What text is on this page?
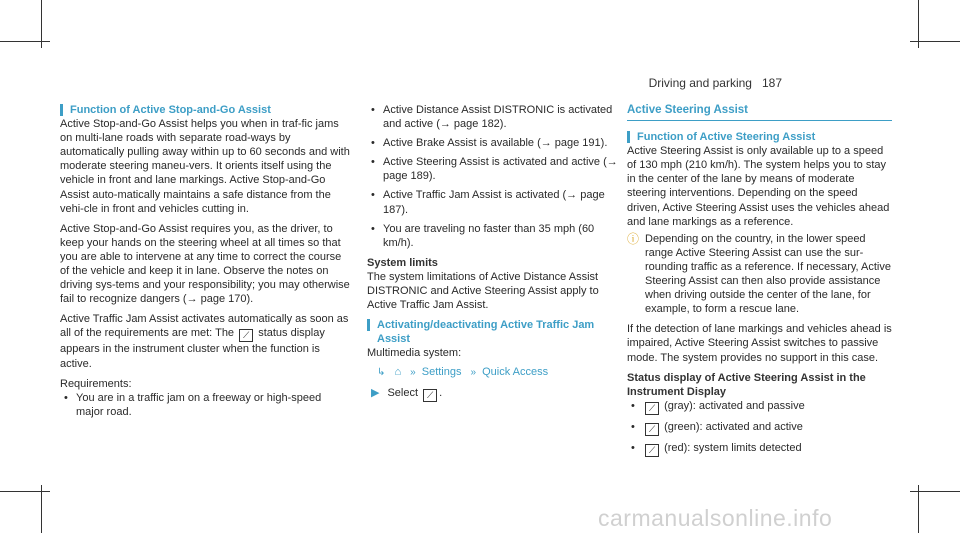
Driving and parking 187
Function of Active Stop-and-Go Assist

Active Stop-and-Go Assist helps you when in traf-fic jams on multi-lane roads with separate road-ways by automatically pulling away within up to 60 seconds and with moderate steering maneu-vers. It orients itself using the vehicle in front and lane markings. Active Stop-and-Go Assist auto-matically maintains a safe distance from the vehi-cle in front and vehicles cutting in.

Active Stop-and-Go Assist requires you, as the driver, to keep your hands on the steering wheel at all times so that you are able to intervene at any time to correct the course of the vehicle and keep it in lane. Observe the notes on driving sys-tems and your responsibility; you may otherwise fail to recognize dangers (→ page 170).

Active Traffic Jam Assist activates automatically as soon as all of the requirements are met: The ⟋ status display appears in the instrument cluster when the function is active.

Requirements:

• You are in a traffic jam on a freeway or high-speed major road.
• Active Distance Assist DISTRONIC is activated and active (→ page 182).
• Active Brake Assist is available (→ page 191).
• Active Steering Assist is activated and active (→ page 189).
• Active Traffic Jam Assist is activated (→ page 187).
• You are traveling no faster than 35 mph (60 km/h).

System limits

The system limitations of Active Distance Assist DISTRONIC and Active Steering Assist apply to Active Traffic Jam Assist.

Activating/deactivating Active Traffic Jam Assist

Multimedia system:

↳ ⌂ » Settings » Quick Access

▶ Select ⟋ .

Active Steering Assist
Function of Active Steering Assist

Active Steering Assist is only available up to a speed of 130 mph (210 km/h). The system helps you to stay in the center of the lane by means of moderate steering interventions. Depending on the speed driven, Active Steering Assist uses the vehicles ahead and lane markings as a reference.

ⓘ Depending on the country, in the lower speed range Active Steering Assist can use the sur-rounding traffic as a reference. If necessary, Active Steering Assist can then also provide assistance when driving outside the center of the lane, for example, to form a rescue lane.

If the detection of lane markings and vehicles ahead is impaired, Active Steering Assist switches to passive mode. The system provides no support in this case.

Status display of Active Steering Assist in the Instrument Display

• ⟋ (gray): activated and passive
• ⟋ (green): activated and active
• ⟋ (red): system limits detected
carmanualsonline.info
